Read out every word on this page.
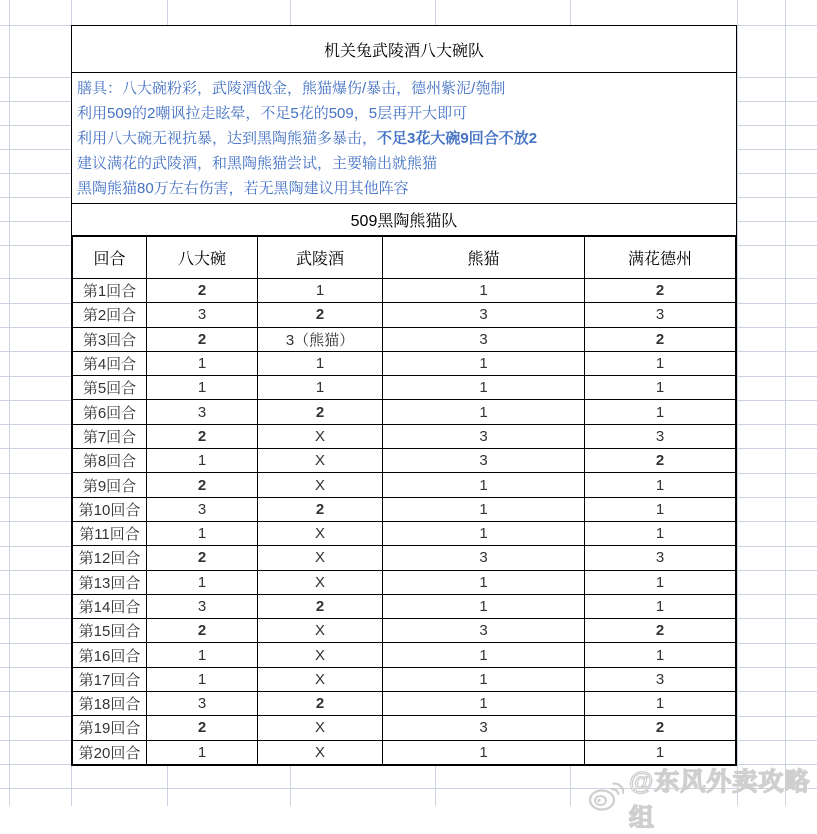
机关兔武陵酒八大碗队
膳具：八大碗粉彩，武陵酒戗金，熊猫爆伤/暴击，德州紫泥/匏制
利用509的2嘲讽拉走眩晕，不足5花的509，5层再开大即可
利用八大碗无视抗暴，达到黑陶熊猫多暴击，不足3花大碗9回合不放2
建议满花的武陵酒，和黑陶熊猫尝试，主要输出就熊猫
黑陶熊猫80万左右伤害，若无黑陶建议用其他阵容
509黑陶熊猫队
回合	八大碗	武陵酒	熊猫	满花德州
第1回合	2	1	1	2
第2回合	3	2	3	3
第3回合	2	3（熊猫）	3	2
第4回合	1	1	1	1
第5回合	1	1	1	1
第6回合	3	2	1	1
第7回合	2	X	3	3
第8回合	1	X	3	2
第9回合	2	X	1	1
第10回合	3	2	1	1
第11回合	1	X	1	1
第12回合	2	X	3	3
第13回合	1	X	1	1
第14回合	3	2	1	1
第15回合	2	X	3	2
第16回合	1	X	1	1
第17回合	1	X	1	3
第18回合	3	2	1	1
第19回合	2	X	3	2
第20回合	1	X	1	1
@东风外卖攻略组
